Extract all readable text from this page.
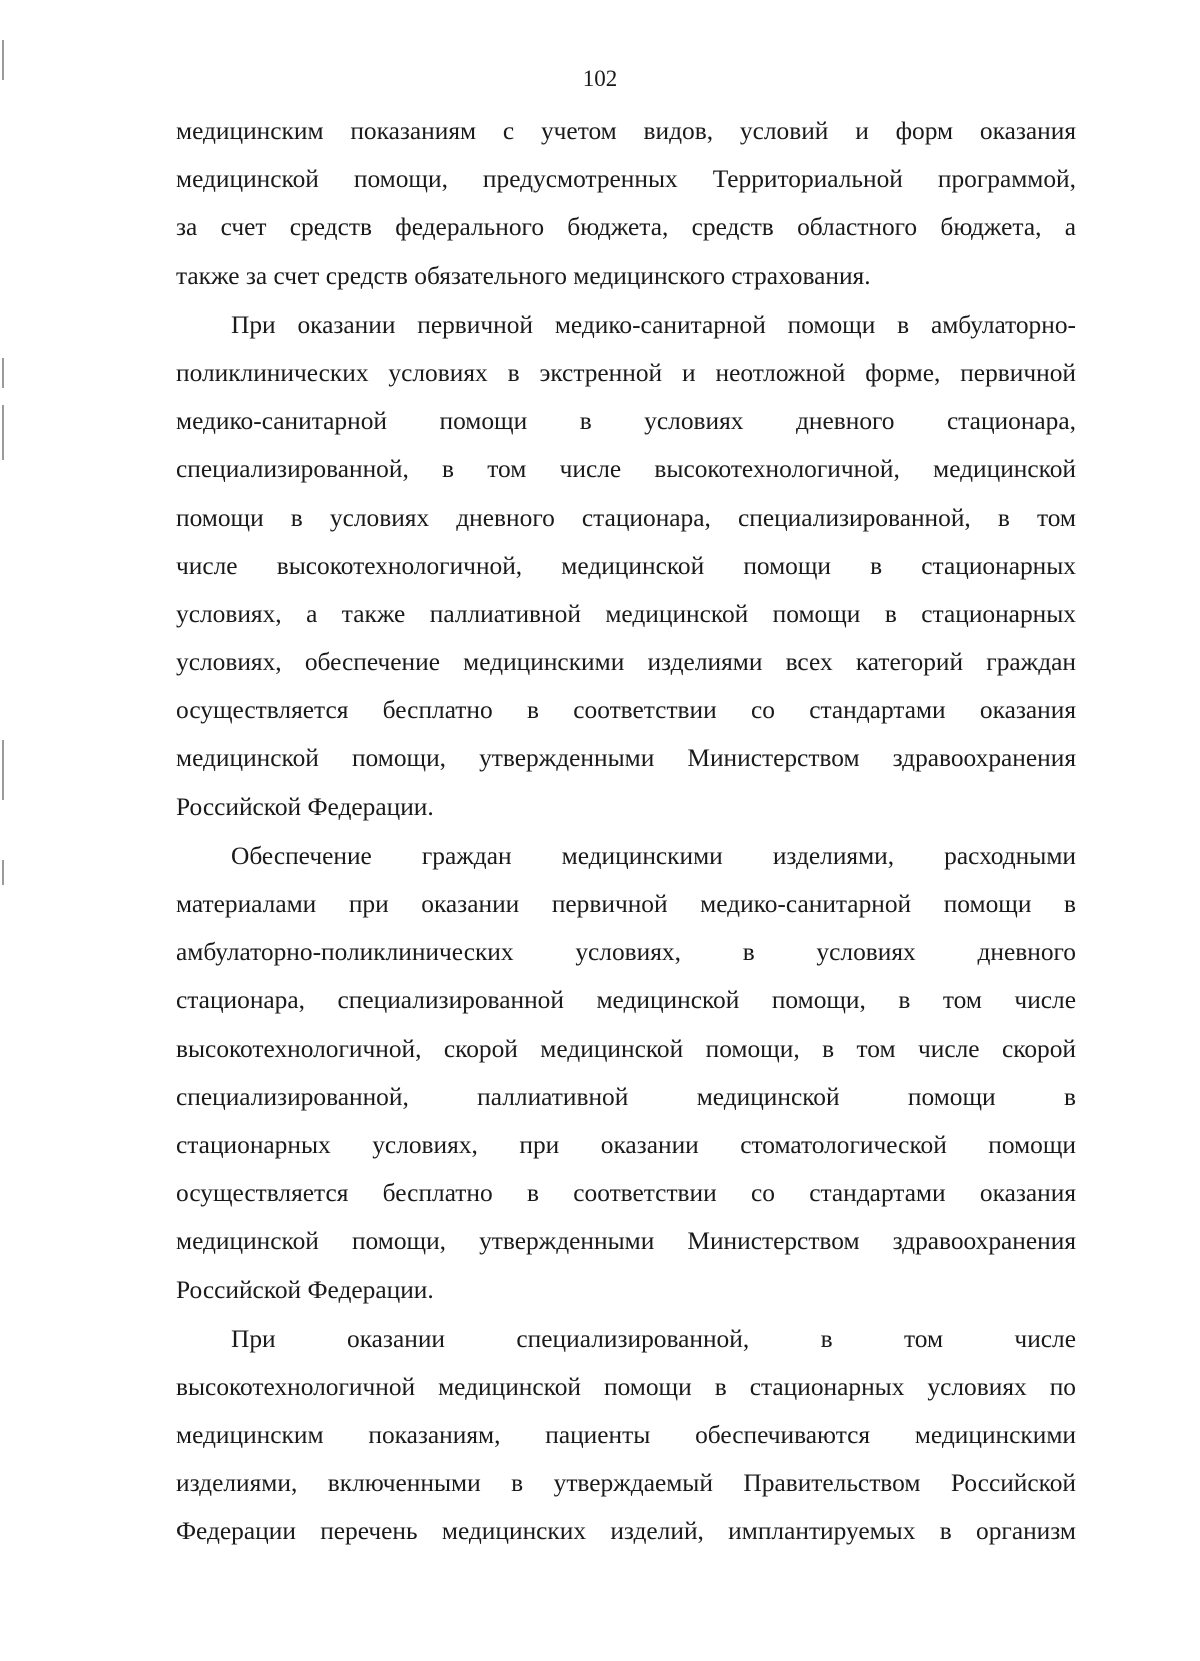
102
медицинским показаниям с учетом видов, условий и форм оказания
медицинской помощи, предусмотренных Территориальной программой,
за счет средств федерального бюджета, средств областного бюджета, а
также за счет средств обязательного медицинского страхования.
При оказании первичной медико-санитарной помощи в амбулаторно-
поликлинических условиях в экстренной и неотложной форме, первичной
медико-санитарной помощи в условиях дневного стационара,
специализированной, в том числе высокотехнологичной, медицинской
помощи в условиях дневного стационара, специализированной, в том
числе высокотехнологичной, медицинской помощи в стационарных
условиях, а также паллиативной медицинской помощи в стационарных
условиях, обеспечение медицинскими изделиями всех категорий граждан
осуществляется бесплатно в соответствии со стандартами оказания
медицинской помощи, утвержденными Министерством здравоохранения
Российской Федерации.
Обеспечение граждан медицинскими изделиями, расходными
материалами при оказании первичной медико-санитарной помощи в
амбулаторно-поликлинических условиях, в условиях дневного
стационара, специализированной медицинской помощи, в том числе
высокотехнологичной, скорой медицинской помощи, в том числе скорой
специализированной, паллиативной медицинской помощи в
стационарных условиях, при оказании стоматологической помощи
осуществляется бесплатно в соответствии со стандартами оказания
медицинской помощи, утвержденными Министерством здравоохранения
Российской Федерации.
При оказании специализированной, в том числе
высокотехнологичной медицинской помощи в стационарных условиях по
медицинским показаниям, пациенты обеспечиваются медицинскими
изделиями, включенными в утверждаемый Правительством Российской
Федерации перечень медицинских изделий, имплантируемых в организм
